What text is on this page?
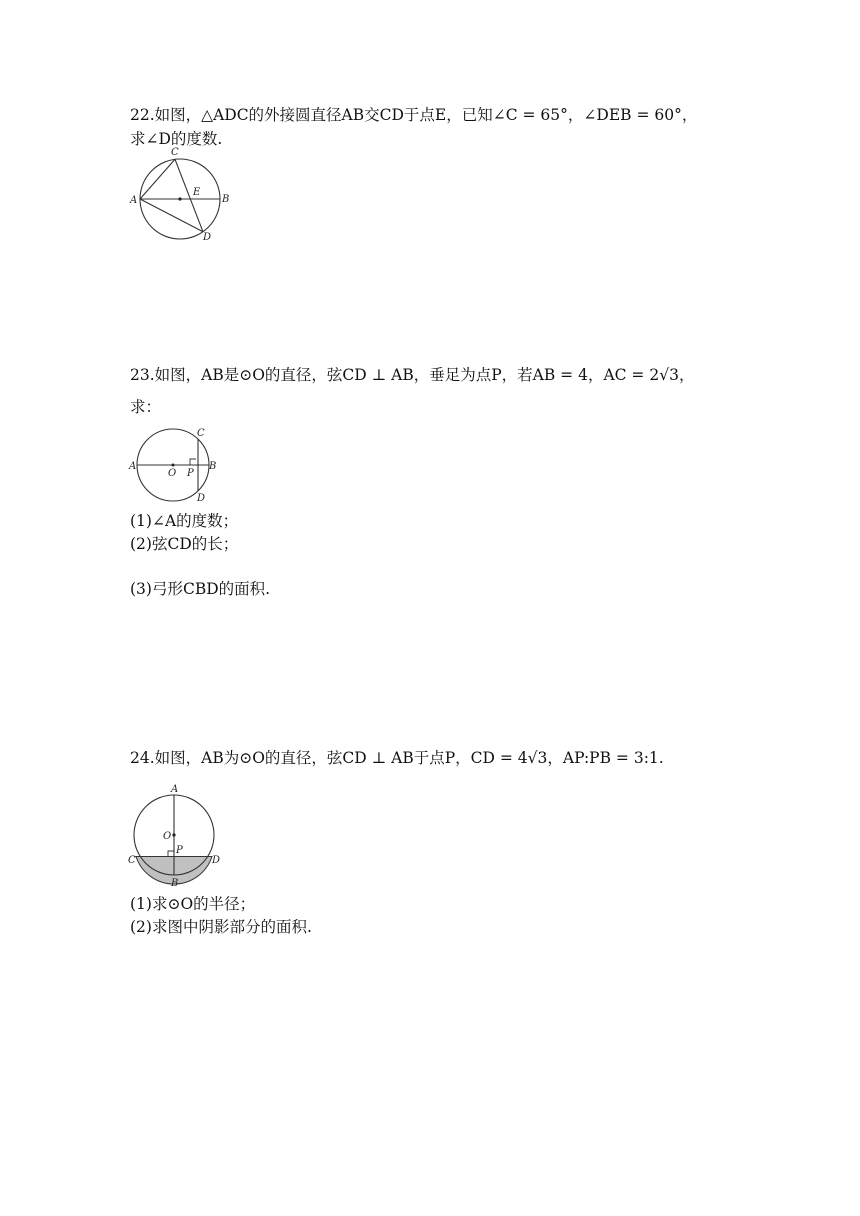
22.如图，△ADC的外接圆直径AB交CD于点E，已知∠C = 65°，∠DEB = 60°，
求∠D的度数.
C
A
E
B
D
23.如图，AB是⊙O的直径，弦CD ⊥ AB，垂足为点P，若AB = 4，AC = 2√3，
求：
C
A
O P
B
D
(1)∠A的度数；
(2)弦CD的长；
(3)弓形CBD的面积.
24.如图，AB为⊙O的直径，弦CD ⊥ AB于点P，CD = 4√3，AP:PB = 3:1.
A
O
P
C	D
B
(1)求⊙O的半径；
(2)求图中阴影部分的面积.
